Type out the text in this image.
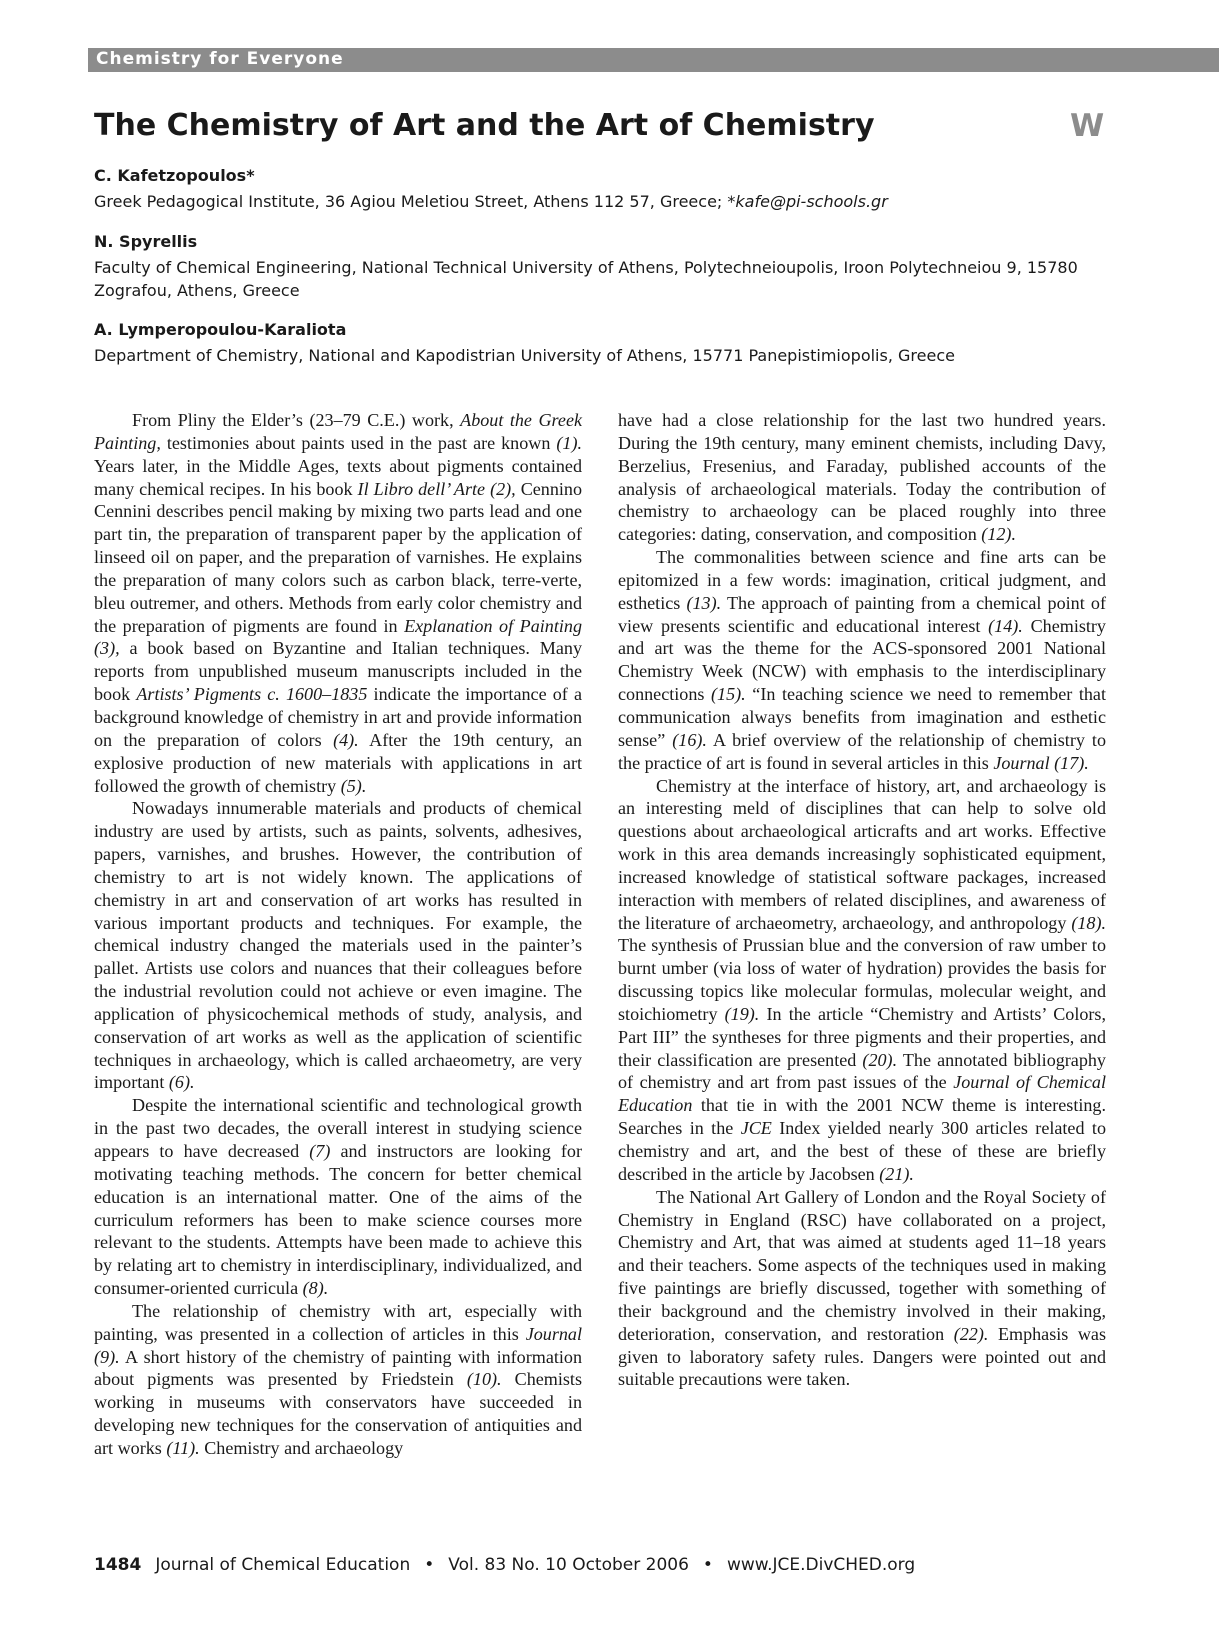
Chemistry for Everyone
The Chemistry of Art and the Art of Chemistry	W
C. Kafetzopoulos*
Greek Pedagogical Institute, 36 Agiou Meletiou Street, Athens 112 57, Greece; *kafe@pi-schools.gr
N. Spyrellis
Faculty of Chemical Engineering, National Technical University of Athens, Polytechneioupolis, Iroon Polytechneiou 9, 15780 Zografou, Athens, Greece
A. Lymperopoulou-Karaliota
Department of Chemistry, National and Kapodistrian University of Athens, 15771 Panepistimiopolis, Greece

From Pliny the Elder’s (23–79 C.E.) work, About the Greek Painting, testimonies about paints used in the past are known (1). Years later, in the Middle Ages, texts about pigments contained many chemical recipes. In his book Il Libro dell’ Arte (2), Cennino Cennini describes pencil making by mixing two parts lead and one part tin, the preparation of transparent paper by the application of linseed oil on paper, and the preparation of varnishes. He explains the preparation of many colors such as carbon black, terre-verte, bleu outremer, and others. Methods from early color chemistry and the preparation of pigments are found in Explanation of Painting (3), a book based on Byzantine and Italian techniques. Many reports from unpublished museum manuscripts included in the book Artists’ Pigments c. 1600–1835 indicate the importance of a background knowledge of chemistry in art and provide information on the preparation of colors (4). After the 19th century, an explosive production of new materials with applications in art followed the growth of chemistry (5).

Nowadays innumerable materials and products of chemical industry are used by artists, such as paints, solvents, adhesives, papers, varnishes, and brushes. However, the contribution of chemistry to art is not widely known. The applications of chemistry in art and conservation of art works has resulted in various important products and techniques. For example, the chemical industry changed the materials used in the painter’s pallet. Artists use colors and nuances that their colleagues before the industrial revolution could not achieve or even imagine. The application of physicochemical methods of study, analysis, and conservation of art works as well as the application of scientific techniques in archaeology, which is called archaeometry, are very important (6).

Despite the international scientific and technological growth in the past two decades, the overall interest in studying science appears to have decreased (7) and instructors are looking for motivating teaching methods. The concern for better chemical education is an international matter. One of the aims of the curriculum reformers has been to make science courses more relevant to the students. Attempts have been made to achieve this by relating art to chemistry in interdisciplinary, individualized, and consumer-oriented curricula (8).

The relationship of chemistry with art, especially with painting, was presented in a collection of articles in this Journal (9). A short history of the chemistry of painting with information about pigments was presented by Friedstein (10). Chemists working in museums with conservators have succeeded in developing new techniques for the conservation of antiquities and art works (11). Chemistry and archaeology

have had a close relationship for the last two hundred years. During the 19th century, many eminent chemists, including Davy, Berzelius, Fresenius, and Faraday, published accounts of the analysis of archaeological materials. Today the contribution of chemistry to archaeology can be placed roughly into three categories: dating, conservation, and composition (12).

The commonalities between science and fine arts can be epitomized in a few words: imagination, critical judgment, and esthetics (13). The approach of painting from a chemical point of view presents scientific and educational interest (14). Chemistry and art was the theme for the ACS-sponsored 2001 National Chemistry Week (NCW) with emphasis to the interdisciplinary connections (15). “In teaching science we need to remember that communication always benefits from imagination and esthetic sense” (16). A brief overview of the relationship of chemistry to the practice of art is found in several articles in this Journal (17).

Chemistry at the interface of history, art, and archaeology is an interesting meld of disciplines that can help to solve old questions about archaeological articrafts and art works. Effective work in this area demands increasingly sophisticated equipment, increased knowledge of statistical software packages, increased interaction with members of related disciplines, and awareness of the literature of archaeometry, archaeology, and anthropology (18). The synthesis of Prussian blue and the conversion of raw umber to burnt umber (via loss of water of hydration) provides the basis for discussing topics like molecular formulas, molecular weight, and stoichiometry (19). In the article “Chemistry and Artists’ Colors, Part III” the syntheses for three pigments and their properties, and their classification are presented (20). The annotated bibliography of chemistry and art from past issues of the Journal of Chemical Education that tie in with the 2001 NCW theme is interesting. Searches in the JCE Index yielded nearly 300 articles related to chemistry and art, and the best of these of these are briefly described in the article by Jacobsen (21).

The National Art Gallery of London and the Royal Society of Chemistry in England (RSC) have collaborated on a project, Chemistry and Art, that was aimed at students aged 11–18 years and their teachers. Some aspects of the techniques used in making five paintings are briefly discussed, together with something of their background and the chemistry involved in their making, deterioration, conservation, and restoration (22). Emphasis was given to laboratory safety rules. Dangers were pointed out and suitable precautions were taken.

1484 Journal of Chemical Education • Vol. 83 No. 10 October 2006 • www.JCE.DivCHED.org
